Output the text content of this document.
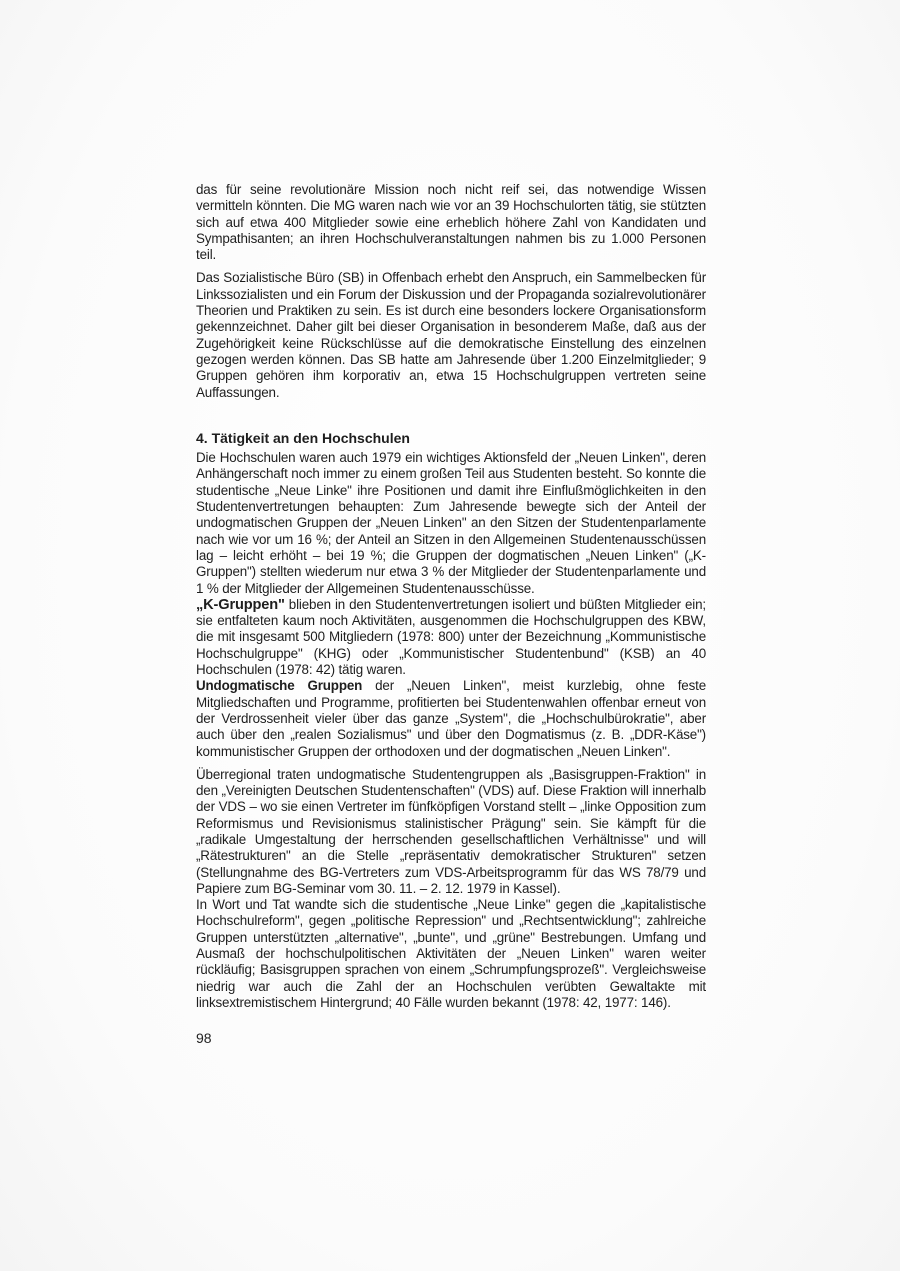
das für seine revolutionäre Mission noch nicht reif sei, das notwendige Wissen vermitteln könnten. Die MG waren nach wie vor an 39 Hochschulorten tätig, sie stützten sich auf etwa 400 Mitglieder sowie eine erheblich höhere Zahl von Kandidaten und Sympathisanten; an ihren Hochschulveranstaltungen nahmen bis zu 1.000 Personen teil.

Das Sozialistische Büro (SB) in Offenbach erhebt den Anspruch, ein Sammelbecken für Linkssozialisten und ein Forum der Diskussion und der Propaganda sozialrevolutionärer Theorien und Praktiken zu sein. Es ist durch eine besonders lockere Organisationsform gekennzeichnet. Daher gilt bei dieser Organisation in besonderem Maße, daß aus der Zugehörigkeit keine Rückschlüsse auf die demokratische Einstellung des einzelnen gezogen werden können. Das SB hatte am Jahresende über 1.200 Einzelmitglieder; 9 Gruppen gehören ihm korporativ an, etwa 15 Hochschulgruppen vertreten seine Auffassungen.

4. Tätigkeit an den Hochschulen

Die Hochschulen waren auch 1979 ein wichtiges Aktionsfeld der „Neuen Linken", deren Anhängerschaft noch immer zu einem großen Teil aus Studenten besteht. So konnte die studentische „Neue Linke" ihre Positionen und damit ihre Einflußmöglichkeiten in den Studentenvertretungen behaupten: Zum Jahresende bewegte sich der Anteil der undogmatischen Gruppen der „Neuen Linken" an den Sitzen der Studentenparlamente nach wie vor um 16 %; der Anteil an Sitzen in den Allgemeinen Studentenausschüssen lag – leicht erhöht – bei 19 %; die Gruppen der dogmatischen „Neuen Linken" („K-Gruppen") stellten wiederum nur etwa 3 % der Mitglieder der Studentenparlamente und 1 % der Mitglieder der Allgemeinen Studentenausschüsse.

„K-Gruppen" blieben in den Studentenvertretungen isoliert und büßten Mitglieder ein; sie entfalteten kaum noch Aktivitäten, ausgenommen die Hochschulgruppen des KBW, die mit insgesamt 500 Mitgliedern (1978: 800) unter der Bezeichnung „Kommunistische Hochschulgruppe" (KHG) oder „Kommunistischer Studentenbund" (KSB) an 40 Hochschulen (1978: 42) tätig waren.

Undogmatische Gruppen der „Neuen Linken", meist kurzlebig, ohne feste Mitgliedschaften und Programme, profitierten bei Studentenwahlen offenbar erneut von der Verdrossenheit vieler über das ganze „System", die „Hochschulbürokratie", aber auch über den „realen Sozialismus" und über den Dogmatismus (z. B. „DDR-Käse") kommunistischer Gruppen der orthodoxen und der dogmatischen „Neuen Linken".

Überregional traten undogmatische Studentengruppen als „Basisgruppen-Fraktion" in den „Vereinigten Deutschen Studentenschaften" (VDS) auf. Diese Fraktion will innerhalb der VDS – wo sie einen Vertreter im fünfköpfigen Vorstand stellt – „linke Opposition zum Reformismus und Revisionismus stalinistischer Prägung" sein. Sie kämpft für die „radikale Umgestaltung der herrschenden gesellschaftlichen Verhältnisse" und will „Rätestrukturen" an die Stelle „repräsentativ demokratischer Strukturen" setzen (Stellungnahme des BG-Vertreters zum VDS-Arbeitsprogramm für das WS 78/79 und Papiere zum BG-Seminar vom 30. 11. – 2. 12. 1979 in Kassel).

In Wort und Tat wandte sich die studentische „Neue Linke" gegen die „kapitalistische Hochschulreform", gegen „politische Repression" und „Rechtsentwicklung"; zahlreiche Gruppen unterstützten „alternative", „bunte", und „grüne" Bestrebungen. Umfang und Ausmaß der hochschulpolitischen Aktivitäten der „Neuen Linken" waren weiter rückläufig; Basisgruppen sprachen von einem „Schrumpfungsprozeß". Vergleichsweise niedrig war auch die Zahl der an Hochschulen verübten Gewaltakte mit linksextremistischem Hintergrund; 40 Fälle wurden bekannt (1978: 42, 1977: 146).

98
